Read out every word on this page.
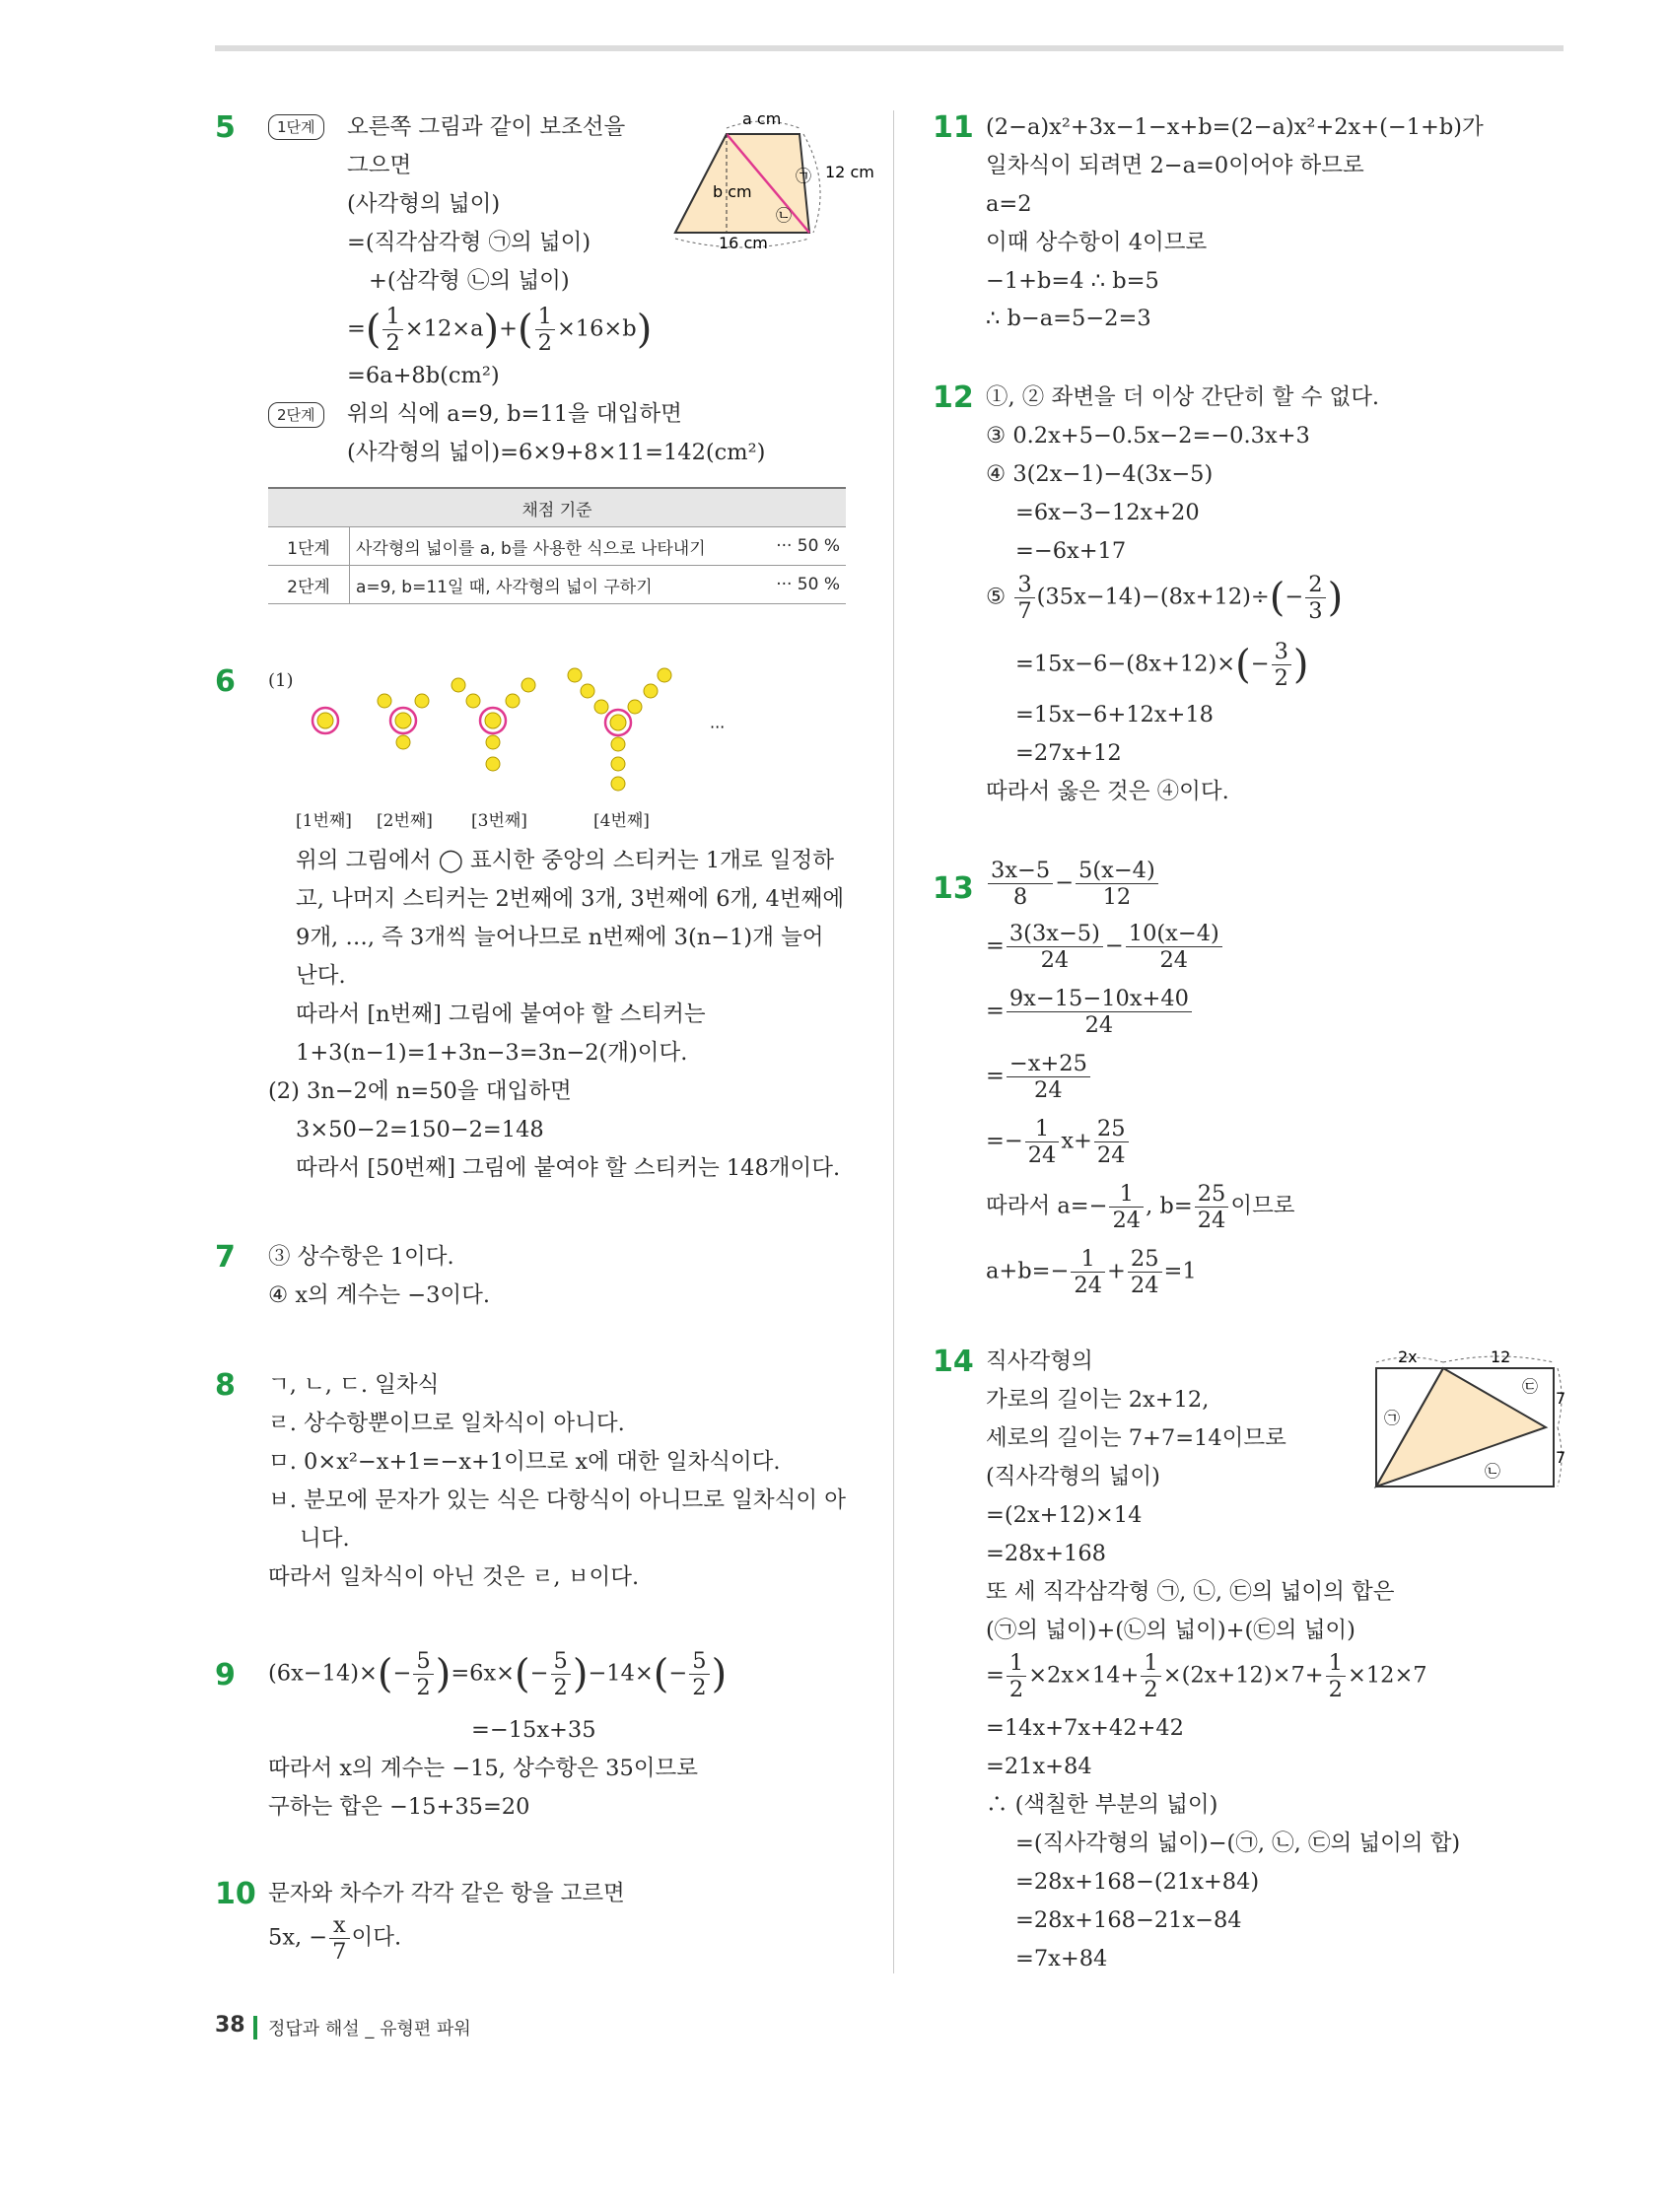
5	1단계	오른쪽 그림과 같이 보조선을
그으면
(사각형의 넓이)
=(직각삼각형 ㉠의 넓이)
+(삼각형 ㉡의 넓이)
=( $\frac{1}{2} \times 12\times a)+( \frac{1}{2} \times 16\times b)$
=6a+8b(cm²)
2단계	위의 식에 a=9, b=11을 대입하면
(사각형의 넓이)=6×9+8×11=142(cm²)
a cm
㉠
㉡
12 cm
b cm
16 cm
채점 기준		
1단계	사각형의 넓이를 a, b를 사용한 식으로 나타내기	··· 50 %
2단계	a=9, b=11일 때, 사각형의 넓이 구하기	··· 50 %
6 (1)
···
[1번째] [2번째] [3번째]	[4번째]
위의 그림에서 ◯ 표시한 중앙의 스티커는 1개로 일정하
고, 나머지 스티커는 2번째에 3개, 3번째에 6개, 4번째에
9개, …, 즉 3개씩 늘어나므로 n번째에 3(n−1)개 늘어
난다.
따라서 [n번째] 그림에 붙여야 할 스티커는
1+3(n−1)=1+3n−3=3n−2(개)이다.
(2) 3n−2에 n=50을 대입하면
3×50−2=150−2=148
따라서 [50번째] 그림에 붙여야 할 스티커는 148개이다.
7 ③ 상수항은 1이다.
④ x의 계수는 −3이다.
8 ㄱ, ㄴ, ㄷ. 일차식
ㄹ. 상수항뿐이므로 일차식이 아니다.
ㅁ. 0×x²−x+1=−x+1이므로 x에 대한 일차식이다.
ㅂ. 분모에 문자가 있는 식은 다항식이 아니므로 일차식이 아
니다.
따라서 일차식이 아닌 것은 ㄹ, ㅂ이다.
9 $(6x-14)\times(- \frac{5}{2} )=6x\times(- \frac{5}{2} )-14\times(- \frac{5}{2}$ )
=−15x+35
따라서 x의 계수는 −15, 상수항은 35이므로
구하는 합은 −15+35=20
10 문자와 차수가 각각 같은 항을 고르면
5x, − $\frac{x}{7}$ 이다.
11 (2−a)x²+3x−1−x+b=(2−a)x²+2x+(−1+b)가
일차식이 되려면 2−a=0이어야 하므로
a=2
이때 상수항이 4이므로
−1+b=4 ∴ b=5
∴ b−a=5−2=3
12 ①, ② 좌변을 더 이상 간단히 할 수 없다.
③ 0.2x+5−0.5x−2=−0.3x+3
④ 3(2x−1)−4(3x−5)
=6x−3−12x+20
=−6x+17
⑤ $\frac{3}{7} (35x-14)-(8x+12)\div(- \frac{2}{3}$ )
$=15x-6-(8x+12)\times(- \frac{3}{2}$ )
=15x−6+12x+18
=27x+12
따라서 옳은 것은 ④이다.
$13 \frac{3x-5}{8} - \frac{5(x-4)}{12}$
= $\frac{3(3x-5)}{24} - \frac{10(x-4)}{24}$
= $\frac{9x-15-10x+40}{24}$
= $\frac{-x+25}{24}$
=− $\frac{1}{24} x+ \frac{25}{24}$
따라서 $a=- \frac{1}{24}$ , $b= \frac{25}{24}$ 이므로
$a+b=- \frac{1}{24} + \frac{25}{24} =1$
14 직사각형의
가로의 길이는 2x+12,
세로의 길이는 7+7=14이므로
(직사각형의 넓이)
=(2x+12)×14
=28x+168
또 세 직각삼각형 ㉠, ㉡, ㉢의 넓이의 합은
(㉠의 넓이)+(㉡의 넓이)+(㉢의 넓이)
= $\frac{1}{2} \times 2x\times 14+ \frac{1}{2} \times(2x+12)\times 7+ \frac{1}{2} \times 12\times 7$
=14x+7x+42+42
=21x+84
∴ (색칠한 부분의 넓이)
=(직사각형의 넓이)−(㉠, ㉡, ㉢의 넓이의 합)
=28x+168−(21x+84)
=28x+168−21x−84
=7x+84
2x	12
7
7
㉠
㉡
㉢
38 정답과 해설 _ 유형편 파워
